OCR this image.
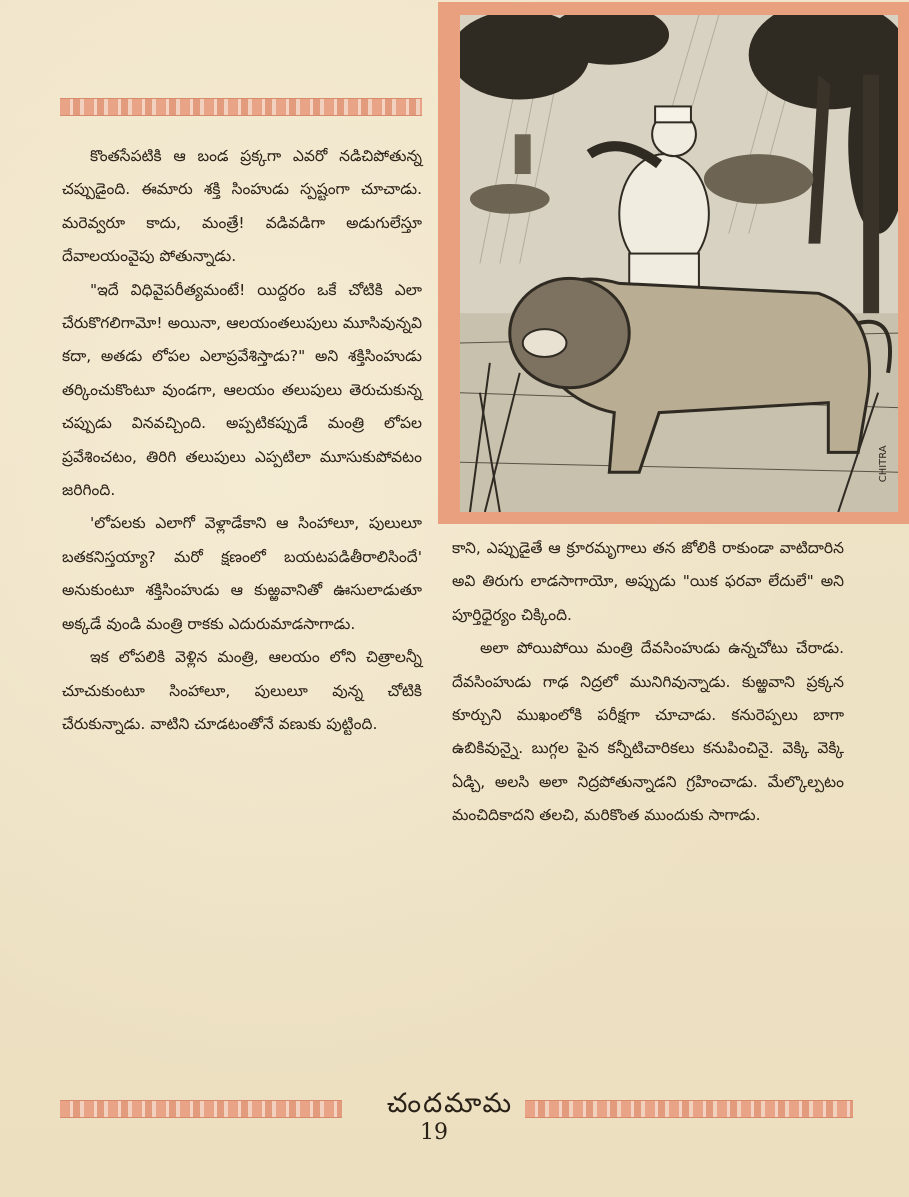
CHITRA

కొంతసేపటికి ఆ బండ ప్రక్కగా ఎవరో నడిచిపోతున్న చప్పుడైంది. ఈమారు శక్తి సింహుడు స్పష్టంగా చూచాడు. మరెవ్వరూ కాదు, మంత్రే! వడివడిగా అడుగులేస్తూ దేవాలయంవైపు పోతున్నాడు.

"ఇదే విధివైపరీత్యమంటే! యిద్దరం ఒకే చోటికి ఎలా చేరుకొగలిగామో! అయినా, ఆలయంతలుపులు మూసివున్నవి కదా, అతడు లోపల ఎలాప్రవేశిస్తాడు?" అని శక్తిసింహుడు తర్కించుకొంటూ వుండగా, ఆలయం తలుపులు తెరుచుకున్న చప్పుడు వినవచ్చింది. అప్పటికప్పుడే మంత్రి లోపల ప్రవేశించటం, తిరిగి తలుపులు ఎప్పటిలా మూసుకుపోవటం జరిగింది.

'లోపలకు ఎలాగో వెళ్లాడేకాని ఆ సింహాలూ, పులులూ బతకనిస్తయ్యా? మరో క్షణంలో బయటపడితీరాలిసిందే' అనుకుంటూ శక్తిసింహుడు ఆ కుఱ్ఱవానితో ఊసులాడుతూ అక్కడే వుండి మంత్రి రాకకు ఎదురుమాడసాగాడు.

ఇక లోపలికి వెళ్లిన మంత్రి, ఆలయం లోని చిత్రాలన్నీ చూచుకుంటూ సింహాలూ, పులులూ వున్న చోటికి చేరుకున్నాడు. వాటిని చూడటంతోనే వణుకు పుట్టింది.

కాని, ఎప్పుడైతే ఆ క్రూరమృగాలు తన జోలికి రాకుండా వాటిదారిన అవి తిరుగు లాడసాగాయో, అప్పుడు "యిక ఫరవా లేదులే" అని పూర్తిధైర్యం చిక్కింది.

అలా పోయిపోయి మంత్రి దేవసింహుడు ఉన్నచోటు చేరాడు. దేవసింహుడు గాఢ నిద్రలో మునిగివున్నాడు. కుఱ్ఱవాని ప్రక్కన కూర్చుని ముఖంలోకి పరీక్షగా చూచాడు. కనురెప్పలు బాగా ఉబికివున్నై. బుగ్గల పైన కన్నీటిచారికలు కనుపించినై. వెక్కి వెక్కి ఏడ్చి, అలసి అలా నిద్రపోతున్నాడని గ్రహించాడు. మేల్కొల్పటం మంచిదికాదని తలచి, మరికొంత ముందుకు సాగాడు.

చందమామ
19
